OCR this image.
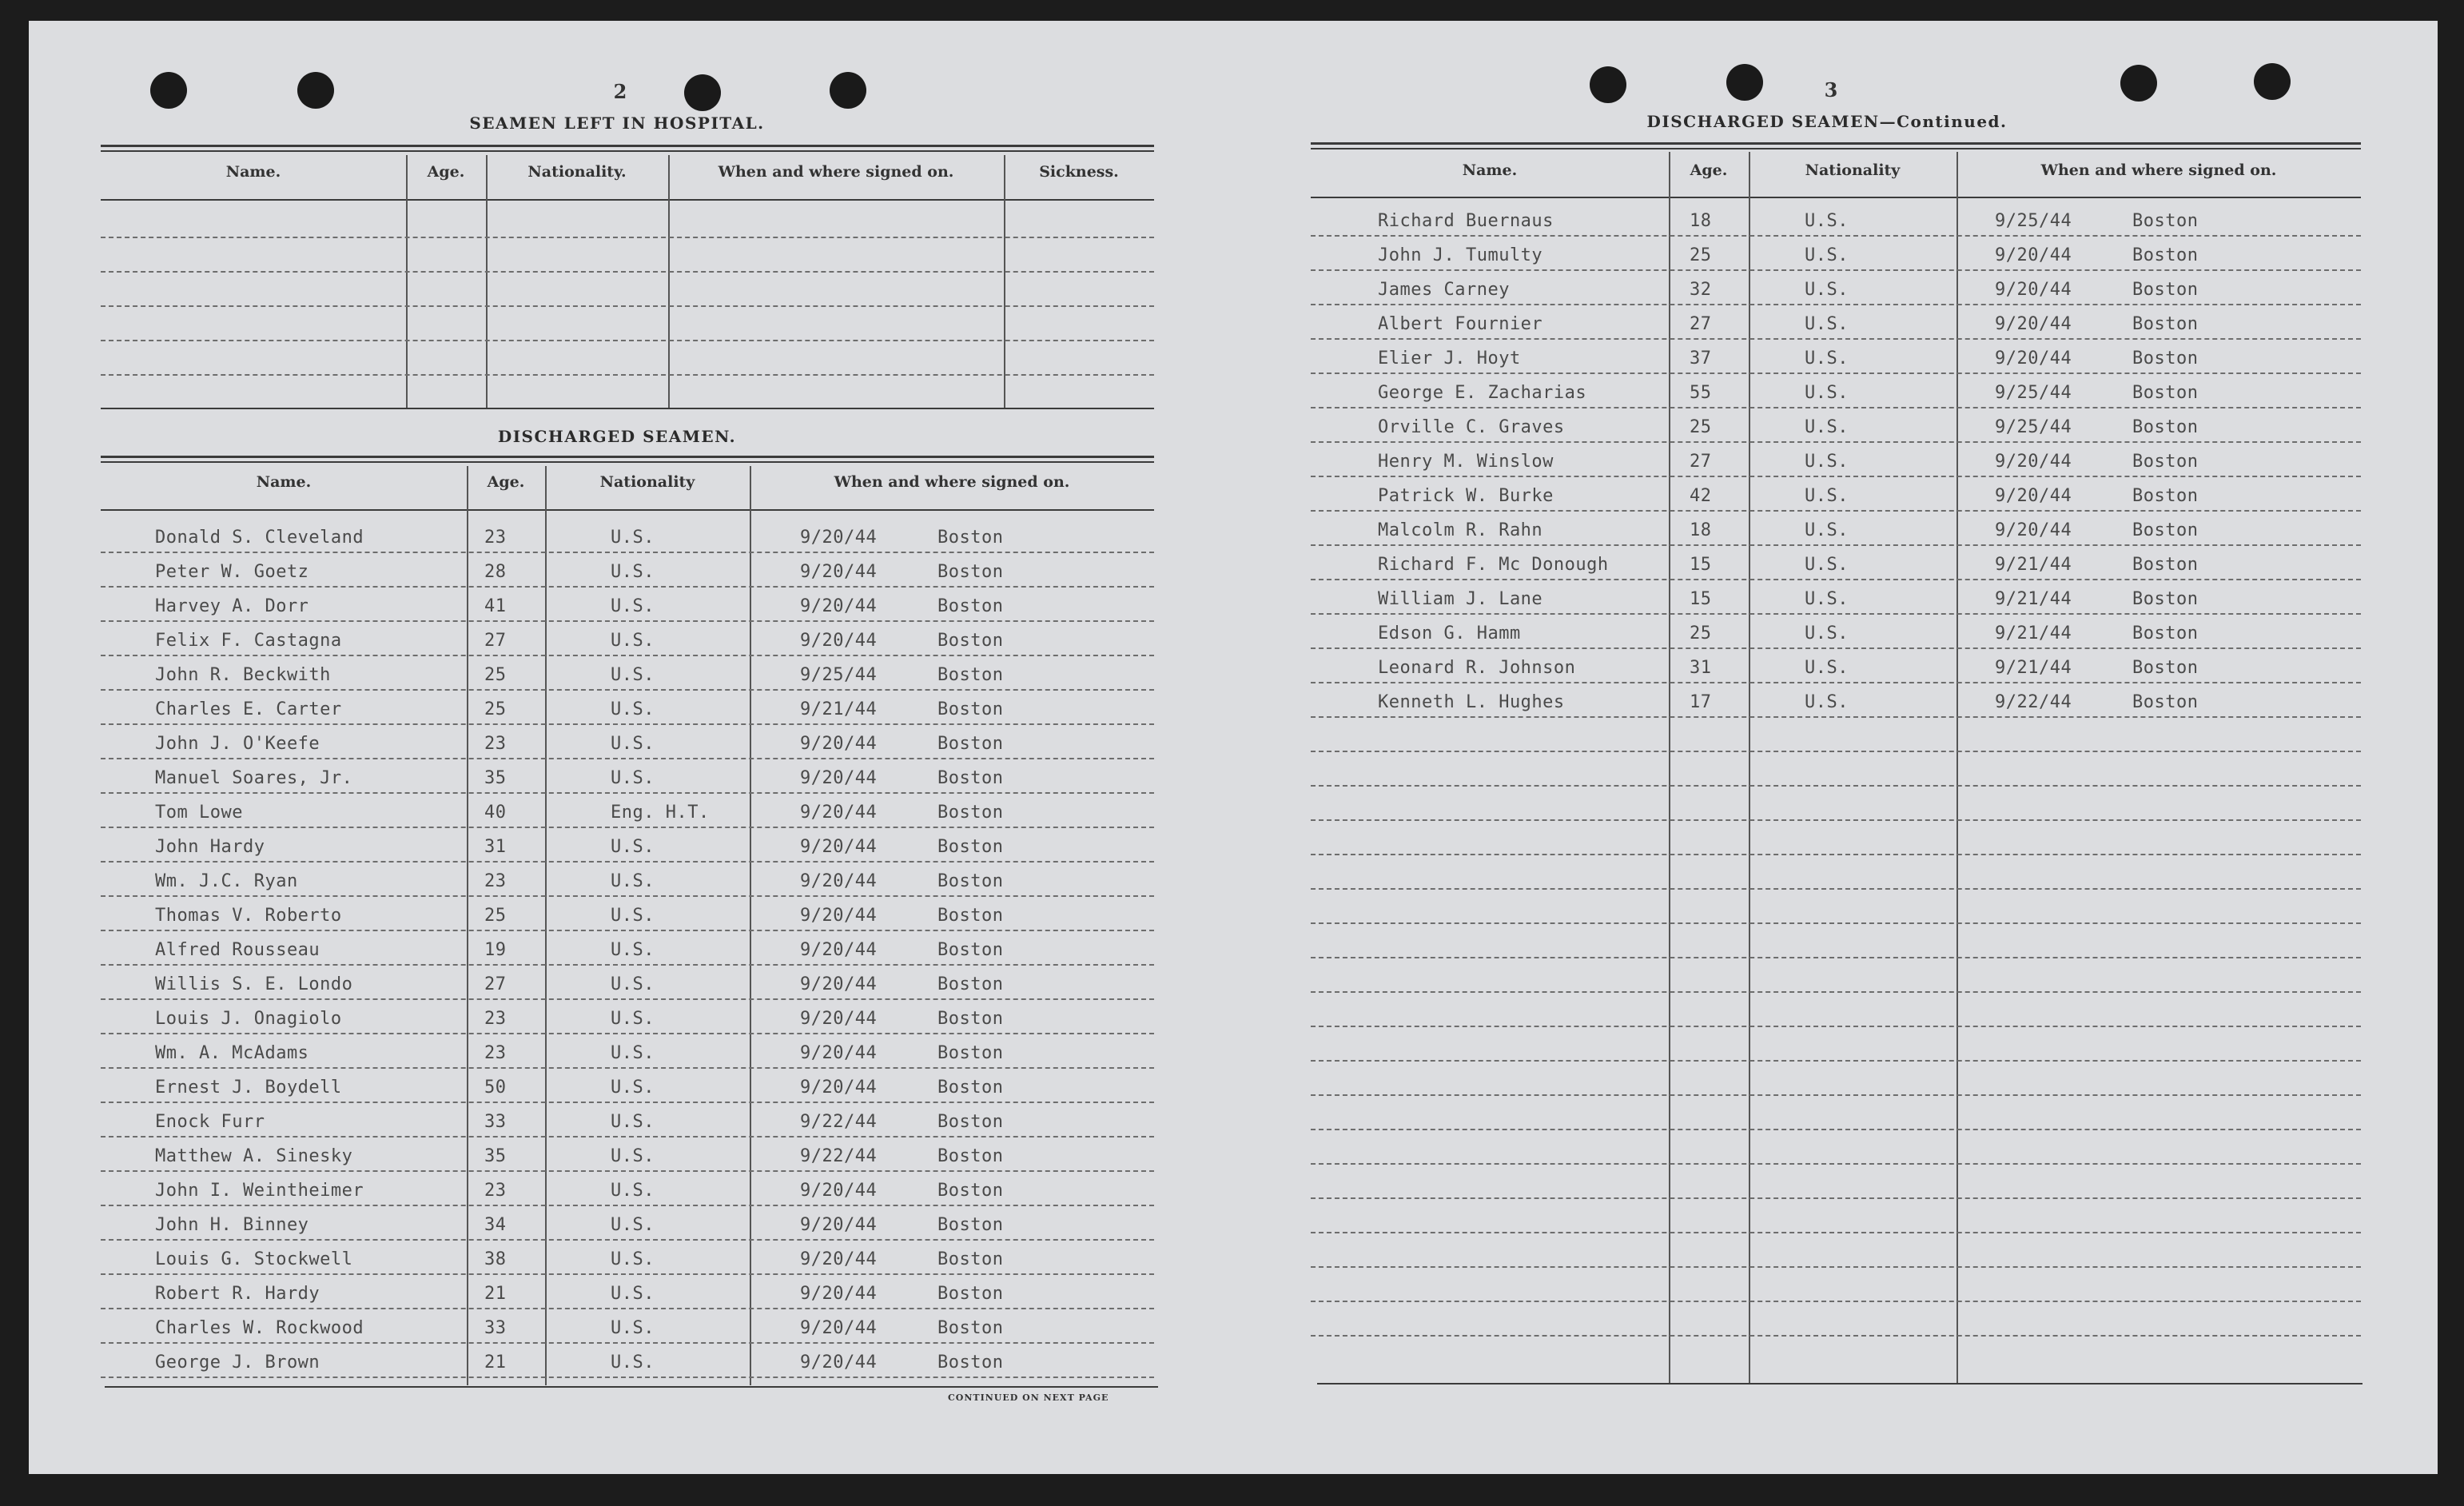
2
SEAMEN LEFT IN HOSPITAL.
Name.	Age.	Nationality.	When and where signed on.	Sickness.
DISCHARGED SEAMEN.
Name.	Age.	Nationality	When and where signed on.
Donald S. Cleveland	23	U.S.	9/20/44	Boston
Peter W. Goetz	28	U.S.	9/20/44	Boston
Harvey A. Dorr	41	U.S.	9/20/44	Boston
Felix F. Castagna	27	U.S.	9/20/44	Boston
John R. Beckwith	25	U.S.	9/25/44	Boston
Charles E. Carter	25	U.S.	9/21/44	Boston
John J. O'Keefe	23	U.S.	9/20/44	Boston
Manuel Soares, Jr.	35	U.S.	9/20/44	Boston
Tom Lowe	40	Eng. H.T.	9/20/44	Boston
John Hardy	31	U.S.	9/20/44	Boston
Wm. J.C. Ryan	23	U.S.	9/20/44	Boston
Thomas V. Roberto	25	U.S.	9/20/44	Boston
Alfred Rousseau	19	U.S.	9/20/44	Boston
Willis S. E. Londo	27	U.S.	9/20/44	Boston
Louis J. Onagiolo	23	U.S.	9/20/44	Boston
Wm. A. McAdams	23	U.S.	9/20/44	Boston
Ernest J. Boydell	50	U.S.	9/20/44	Boston
Enock Furr	33	U.S.	9/22/44	Boston
Matthew A. Sinesky	35	U.S.	9/22/44	Boston
John I. Weintheimer	23	U.S.	9/20/44	Boston
John H. Binney	34	U.S.	9/20/44	Boston
Louis G. Stockwell	38	U.S.	9/20/44	Boston
Robert R. Hardy	21	U.S.	9/20/44	Boston
Charles W. Rockwood	33	U.S.	9/20/44	Boston
George J. Brown	21	U.S.	9/20/44	Boston
CONTINUED ON NEXT PAGE
3
DISCHARGED SEAMEN—Continued.
Name.	Age.	Nationality	When and where signed on.
Richard Buernaus	18	U.S.	9/25/44	Boston
John J. Tumulty	25	U.S.	9/20/44	Boston
James Carney	32	U.S.	9/20/44	Boston
Albert Fournier	27	U.S.	9/20/44	Boston
Elier J. Hoyt	37	U.S.	9/20/44	Boston
George E. Zacharias	55	U.S.	9/25/44	Boston
Orville C. Graves	25	U.S.	9/25/44	Boston
Henry M. Winslow	27	U.S.	9/20/44	Boston
Patrick W. Burke	42	U.S.	9/20/44	Boston
Malcolm R. Rahn	18	U.S.	9/20/44	Boston
Richard F. Mc Donough	15	U.S.	9/21/44	Boston
William J. Lane	15	U.S.	9/21/44	Boston
Edson G. Hamm	25	U.S.	9/21/44	Boston
Leonard R. Johnson	31	U.S.	9/21/44	Boston
Kenneth L. Hughes	17	U.S.	9/22/44	Boston
